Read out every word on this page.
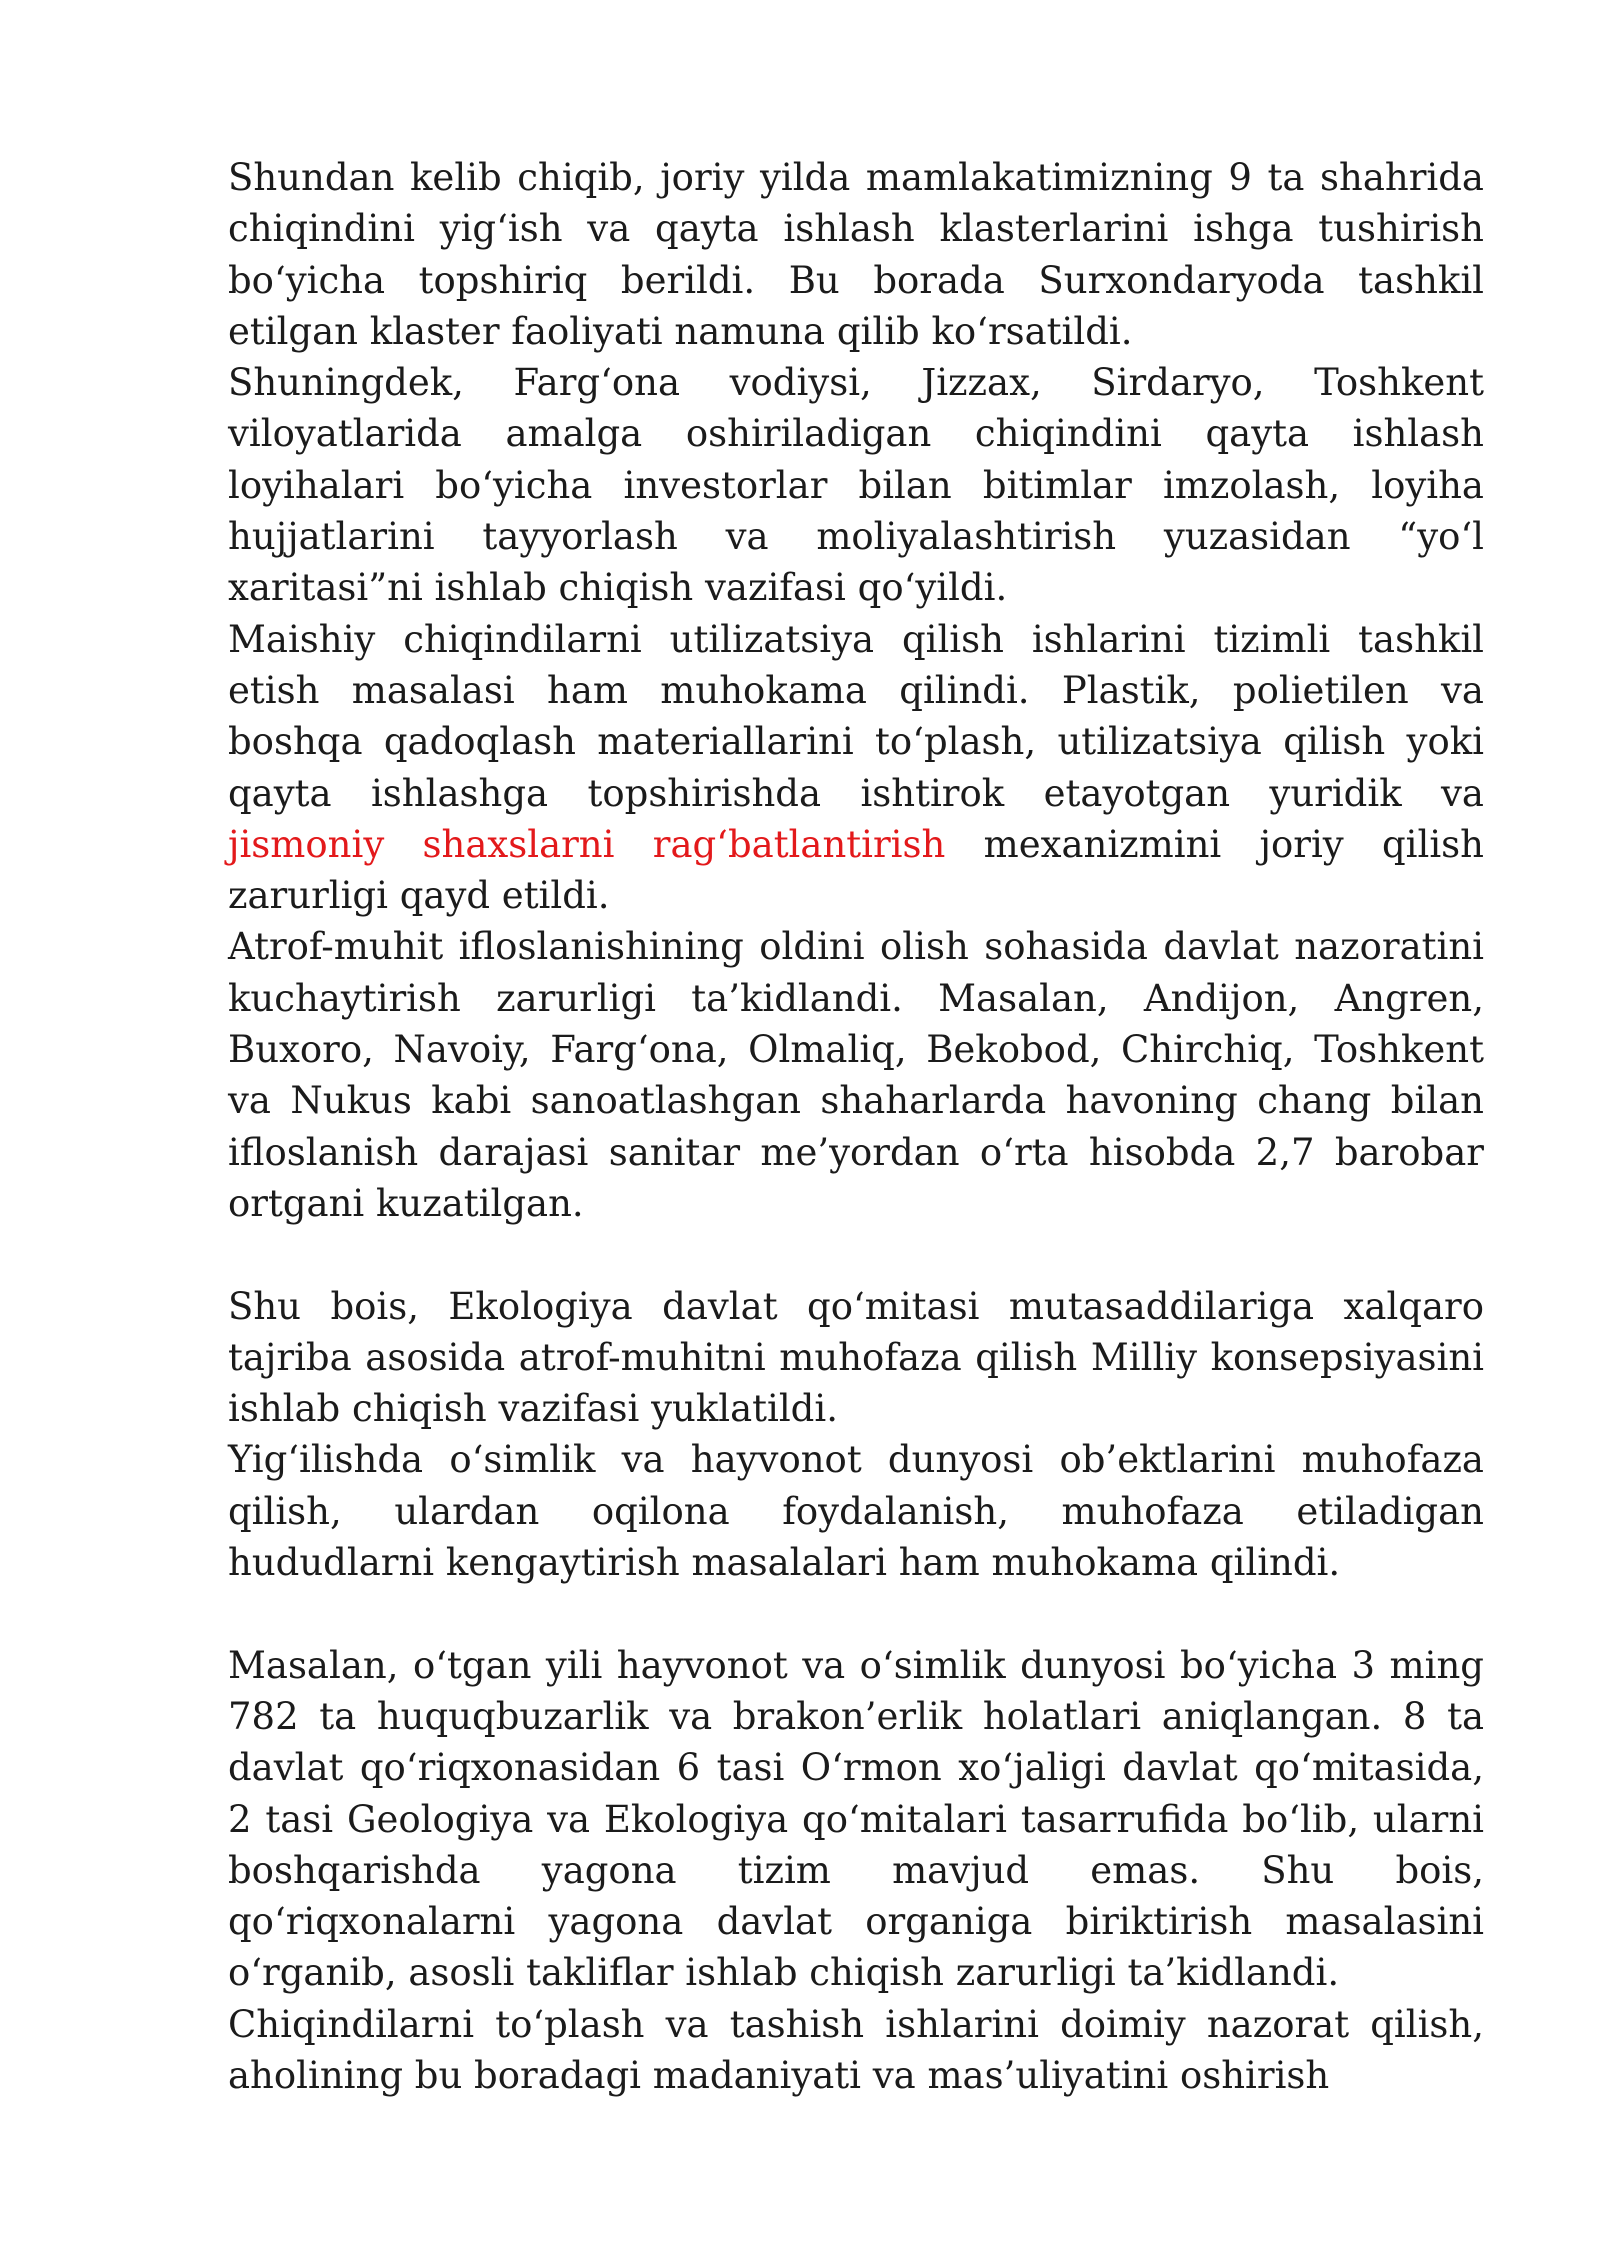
Shundan kelib chiqib, joriy yilda mamlakatimizning 9 ta shahrida chiqindini yig‘ish va qayta ishlash klasterlarini ishga tushirish bo‘yicha topshiriq berildi. Bu borada Surxondaryoda tashkil etilgan klaster faoliyati namuna qilib ko‘rsatildi.

Shuningdek, Farg‘ona vodiysi, Jizzax, Sirdaryo, Toshkent viloyatlarida amalga oshiriladigan chiqindini qayta ishlash loyihalari bo‘yicha investorlar bilan bitimlar imzolash, loyiha hujjatlarini tayyorlash va moliyalashtirish yuzasidan “yo‘l xaritasi”ni ishlab chiqish vazifasi qo‘yildi.

Maishiy chiqindilarni utilizatsiya qilish ishlarini tizimli tashkil etish masalasi ham muhokama qilindi. Plastik, polietilen va boshqa qadoqlash materiallarini to‘plash, utilizatsiya qilish yoki qayta ishlashga topshirishda ishtirok etayotgan yuridik va jismoniy shaxslarni rag‘batlantirish mexanizmini joriy qilish zarurligi qayd etildi.

Atrof-muhit ifloslanishining oldini olish sohasida davlat nazoratini kuchaytirish zarurligi ta’kidlandi. Masalan, Andijon, Angren, Buxoro, Navoiy, Farg‘ona, Olmaliq, Bekobod, Chirchiq, Toshkent va Nukus kabi sanoatlashgan shaharlarda havoning chang bilan ifloslanish darajasi sanitar me’yordan o‘rta hisobda 2,7 barobar ortgani kuzatilgan.

Shu bois, Ekologiya davlat qo‘mitasi mutasaddilariga xalqaro tajriba asosida atrof-muhitni muhofaza qilish Milliy konsepsiyasini ishlab chiqish vazifasi yuklatildi.

Yig‘ilishda o‘simlik va hayvonot dunyosi ob’ektlarini muhofaza qilish, ulardan oqilona foydalanish, muhofaza etiladigan hududlarni kengaytirish masalalari ham muhokama qilindi.

Masalan, o‘tgan yili hayvonot va o‘simlik dunyosi bo‘yicha 3 ming 782 ta huquqbuzarlik va brakon’erlik holatlari aniqlangan. 8 ta davlat qo‘riqxonasidan 6 tasi O‘rmon xo‘jaligi davlat qo‘mitasida, 2 tasi Geologiya va Ekologiya qo‘mitalari tasarrufida bo‘lib, ularni boshqarishda yagona tizim mavjud emas. Shu bois, qo‘riqxonalarni yagona davlat organiga biriktirish masalasini o‘rganib, asosli takliflar ishlab chiqish zarurligi ta’kidlandi.

Chiqindilarni to‘plash va tashish ishlarini doimiy nazorat qilish, aholining bu boradagi madaniyati va mas’uliyatini oshirish
